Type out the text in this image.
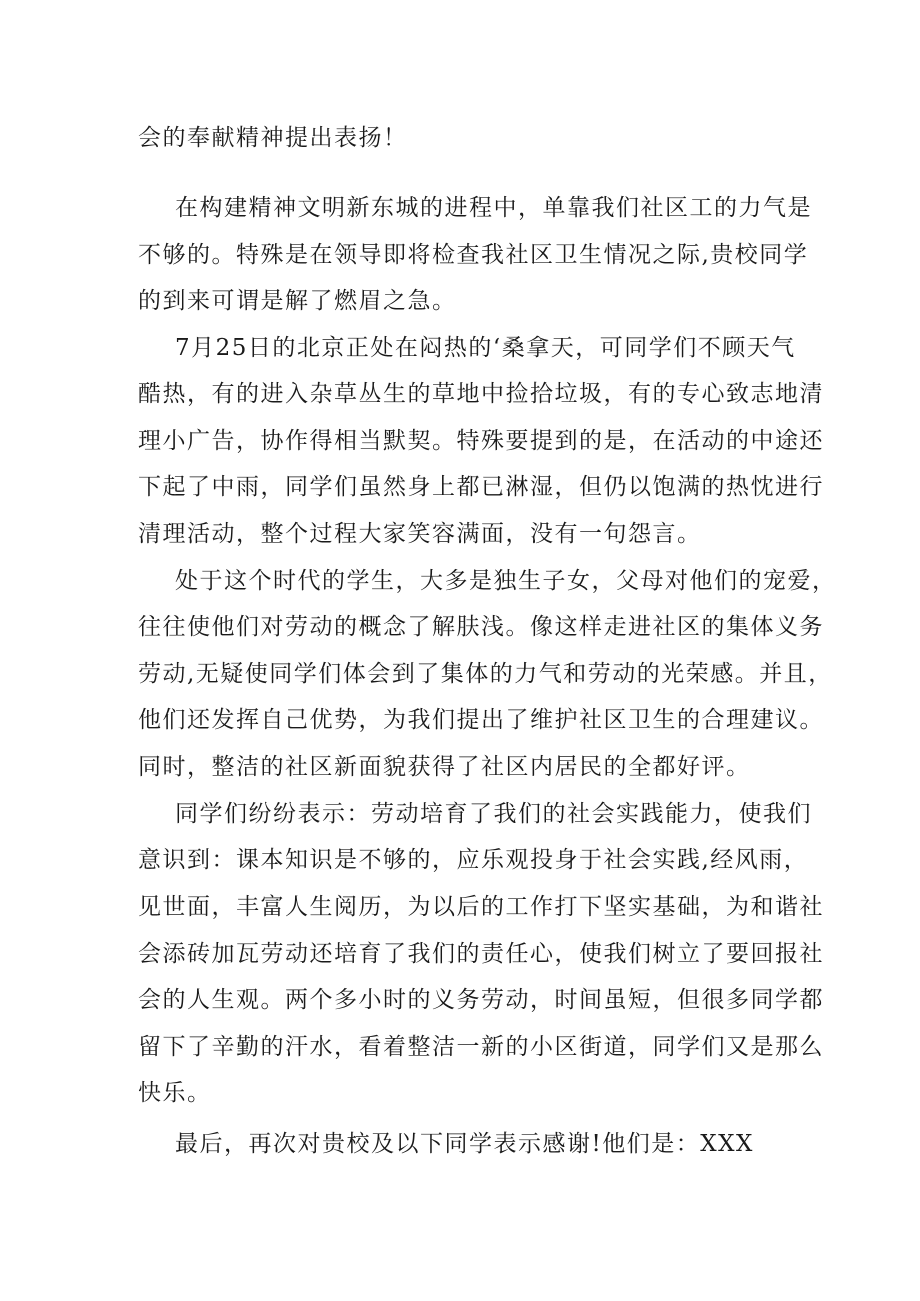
会的奉献精神提出表扬！

在构建精神文明新东城的进程中，单靠我们社区工的力气是

不够的。特殊是在领导即将检查我社区卫生情况之际,贵校同学

的到来可谓是解了燃眉之急。

7月25日的北京正处在闷热的‘桑拿天，可同学们不顾天气

酷热，有的进入杂草丛生的草地中捡拾垃圾，有的专心致志地清

理小广告，协作得相当默契。特殊要提到的是，在活动的中途还

下起了中雨，同学们虽然身上都已淋湿，但仍以饱满的热忱进行

清理活动，整个过程大家笑容满面，没有一句怨言。

处于这个时代的学生，大多是独生子女，父母对他们的宠爱，

往往使他们对劳动的概念了解肤浅。像这样走进社区的集体义务

劳动,无疑使同学们体会到了集体的力气和劳动的光荣感。并且，

他们还发挥自己优势，为我们提出了维护社区卫生的合理建议。

同时，整洁的社区新面貌获得了社区内居民的全都好评。

同学们纷纷表示：劳动培育了我们的社会实践能力，使我们

意识到：课本知识是不够的，应乐观投身于社会实践,经风雨，

见世面，丰富人生阅历，为以后的工作打下坚实基础，为和谐社

会添砖加瓦劳动还培育了我们的责任心，使我们树立了要回报社

会的人生观。两个多小时的义务劳动，时间虽短，但很多同学都

留下了辛勤的汗水，看着整洁一新的小区街道，同学们又是那么

快乐。

最后，再次对贵校及以下同学表示感谢!他们是：XXX
